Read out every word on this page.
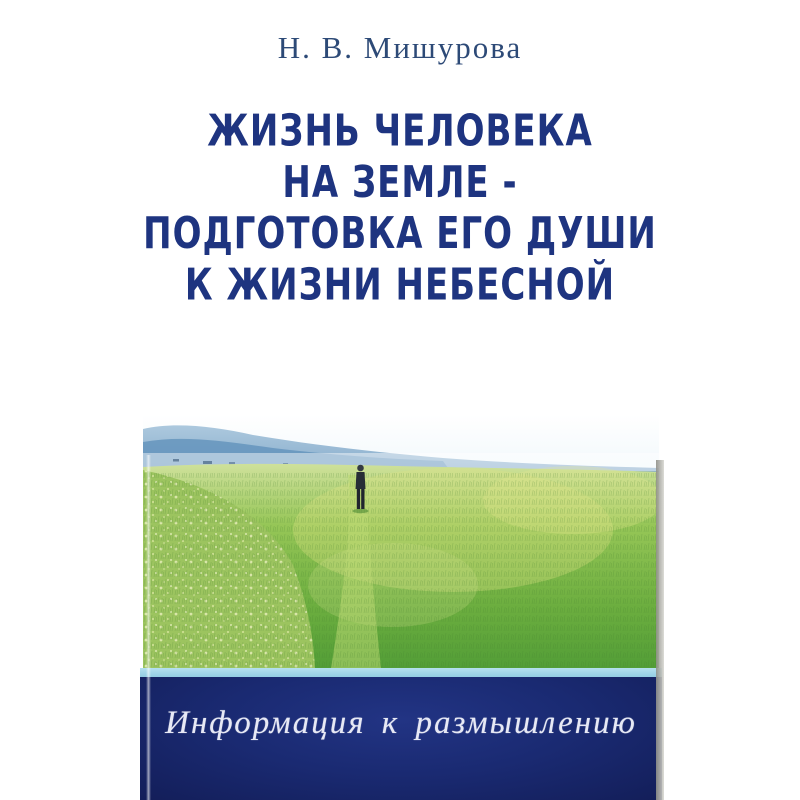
Н. В. Мишурова
ЖИЗНЬ ЧЕЛОВЕКА
НА ЗЕМЛЕ -
ПОДГОТОВКА ЕГО ДУШИ
К ЖИЗНИ НЕБЕСНОЙ
Информация к размышлению
